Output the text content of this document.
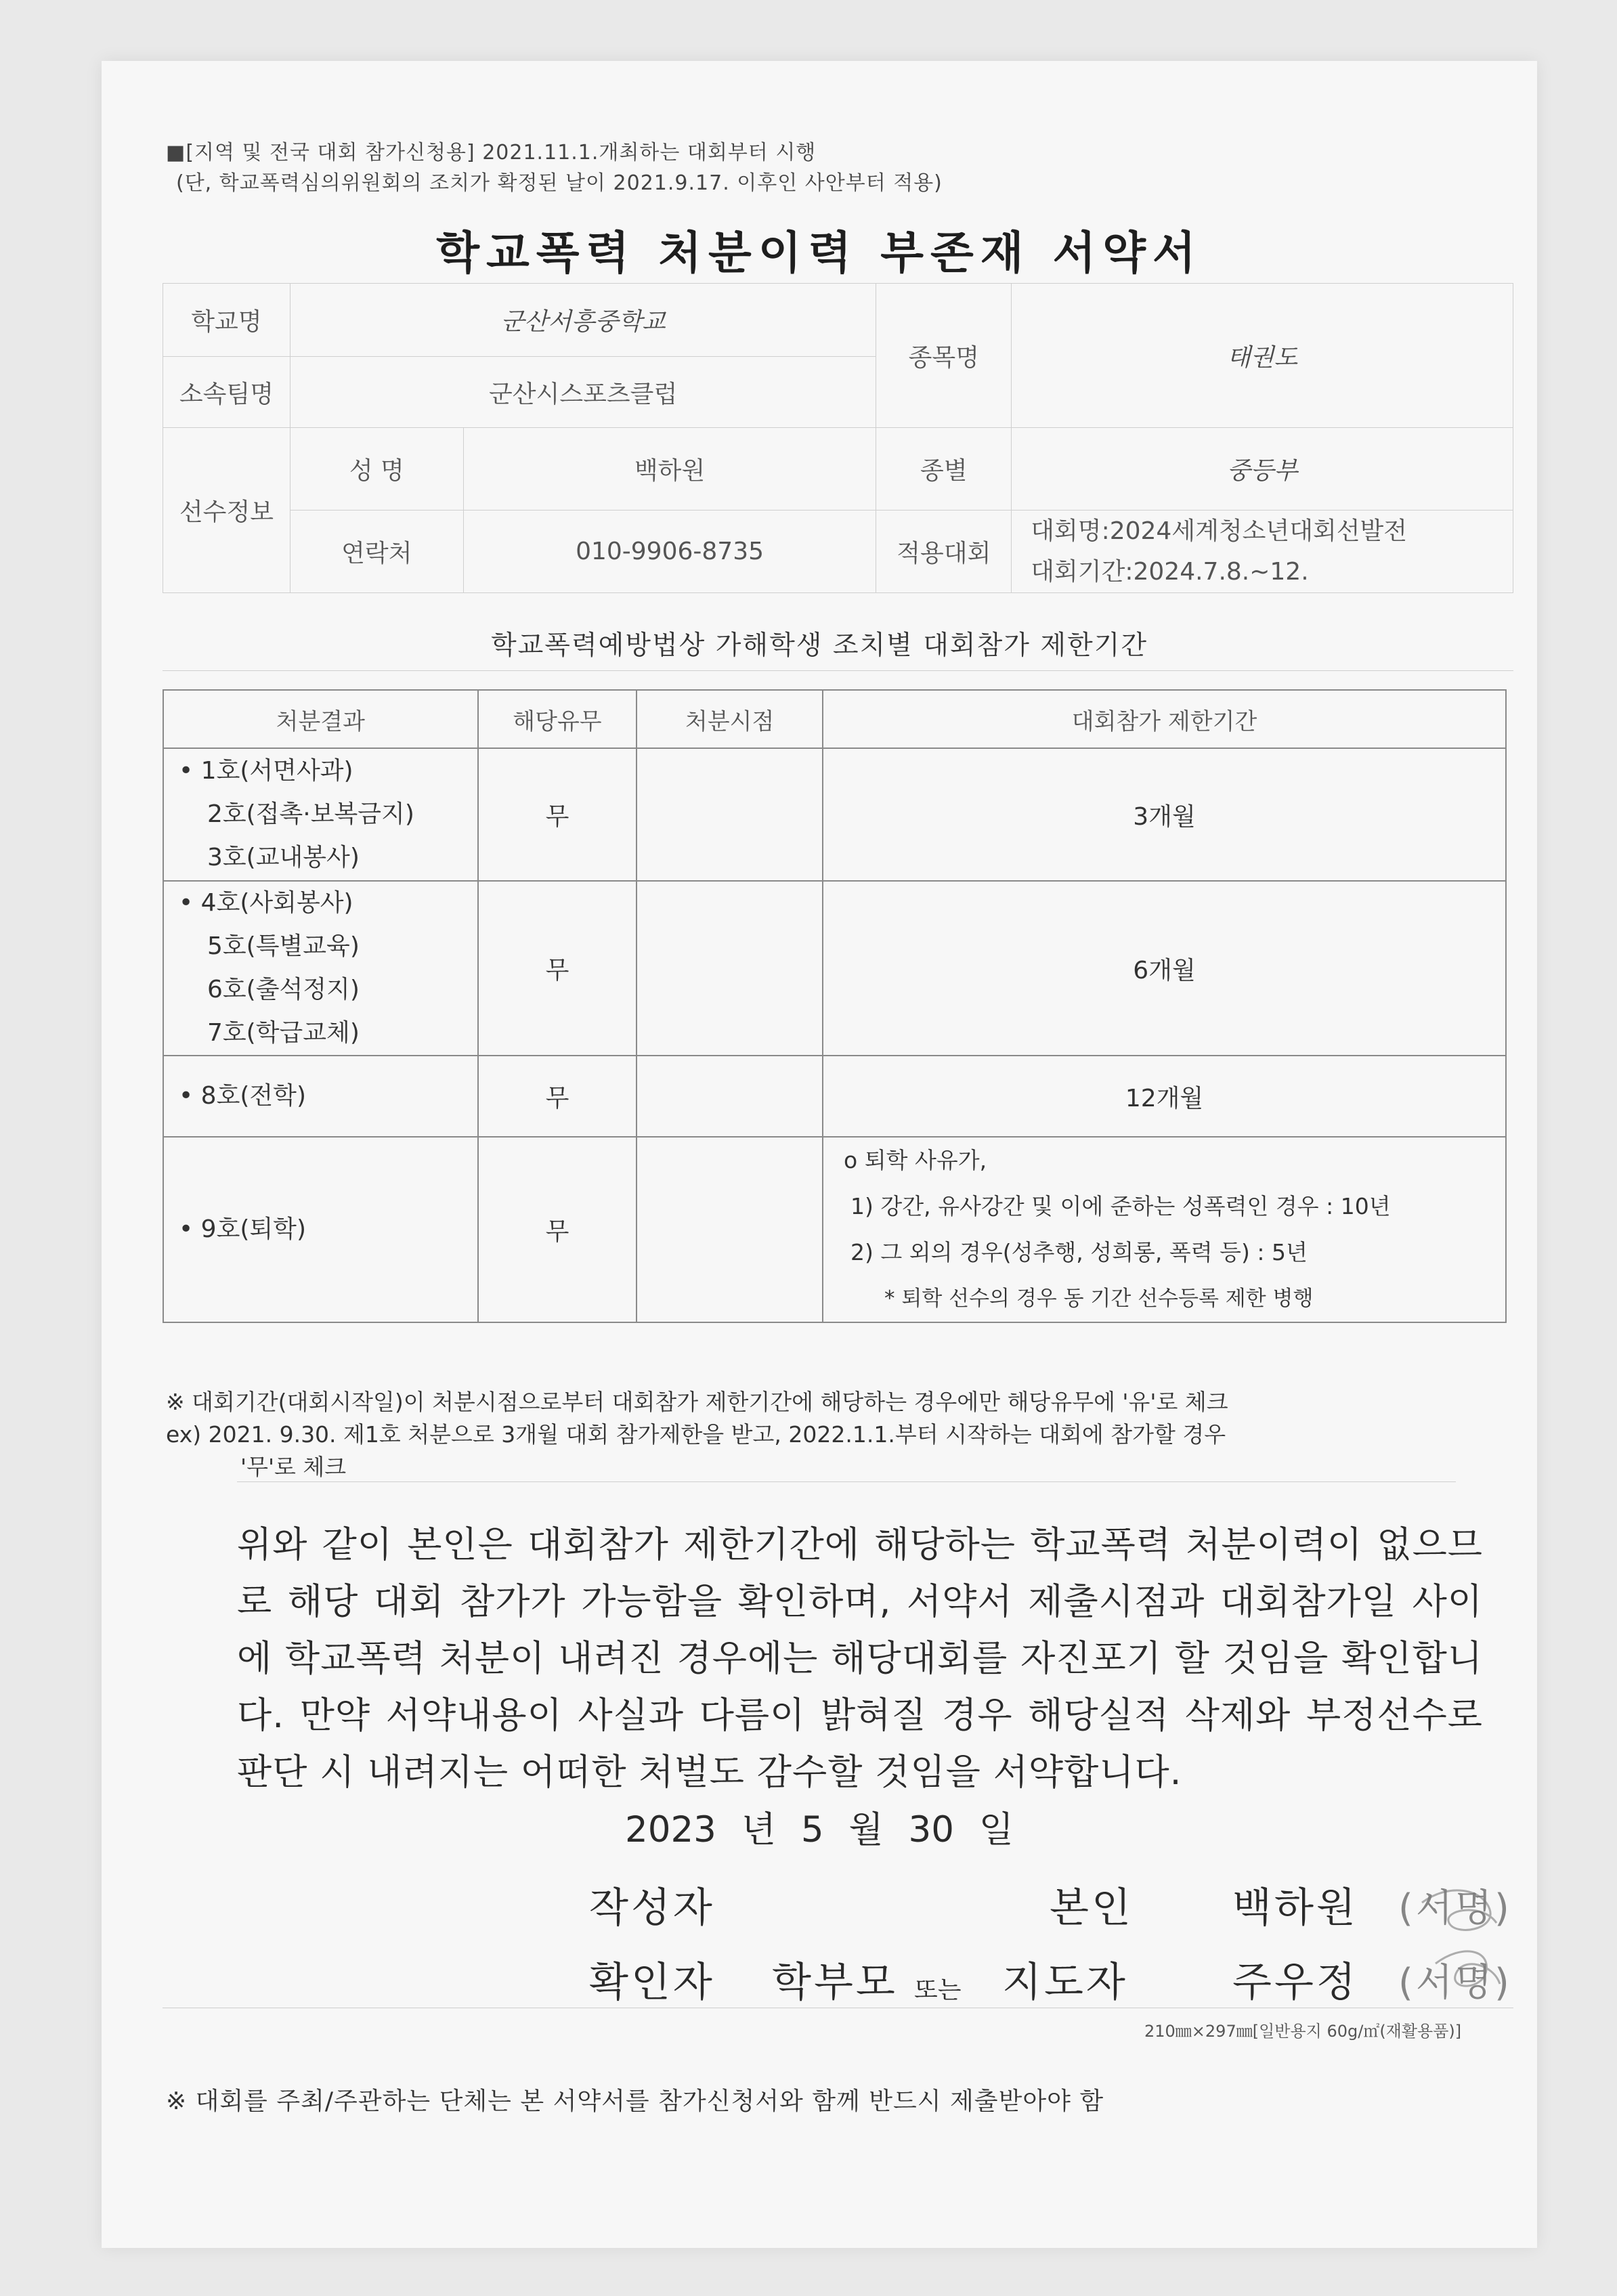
■[지역 및 전국 대회 참가신청용] 2021.11.1.개최하는 대회부터 시행
(단, 학교폭력심의위원회의 조치가 확정된 날이 2021.9.17. 이후인 사안부터 적용)
학교폭력 처분이력 부존재 서약서
학교명	군산서흥중학교		종목명	태권도
소속팀명	군산시스포츠클럽			
선수정보	성 명	백하원	종별	중등부
	연락처	010-9906-8735	적용대회	대회명:2024세계청소년대회선발전
대회기간:2024.7.8.~12.
학교폭력예방법상 가해학생 조치별 대회참가 제한기간
처분결과	해당유무	처분시점	대회참가 제한기간

• 1호(서면사과)
2호(접촉·보복금지)
3호(교내봉사)	무		3개월

• 4호(사회봉사)
5호(특별교육)
6호(출석정지)
7호(학급교체)	무		6개월

• 8호(전학)	무		12개월

• 9호(퇴학)	무		o 퇴학 사유가,
1) 강간, 유사강간 및 이에 준하는 성폭력인 경우 : 10년
2) 그 외의 경우(성추행, 성희롱, 폭력 등) : 5년
* 퇴학 선수의 경우 동 기간 선수등록 제한 병행
※ 대회기간(대회시작일)이 처분시점으로부터 대회참가 제한기간에 해당하는 경우에만 해당유무에 '유'로 체크
ex) 2021. 9.30. 제1호 처분으로 3개월 대회 참가제한을 받고, 2022.1.1.부터 시작하는 대회에 참가할 경우
'무'로 체크
위와 같이 본인은 대회참가 제한기간에 해당하는 학교폭력 처분이력이 없으므로 해당 대회 참가가 가능함을 확인하며, 서약서 제출시점과 대회참가일 사이에 학교폭력 처분이 내려진 경우에는 해당대회를 자진포기 할 것임을 확인합니다. 만약 서약내용이 사실과 다름이 밝혀질 경우 해당실적 삭제와 부정선수로 판단 시 내려지는 어떠한 처벌도 감수할 것임을 서약합니다.
2023 년 5 월 30 일
작성자	본인 백하원 (서명)
확인자 학부모 또는 지도자	주우정 (서명)
210㎜×297㎜[일반용지 60g/㎡(재활용품)]
※ 대회를 주최/주관하는 단체는 본 서약서를 참가신청서와 함께 반드시 제출받아야 함
